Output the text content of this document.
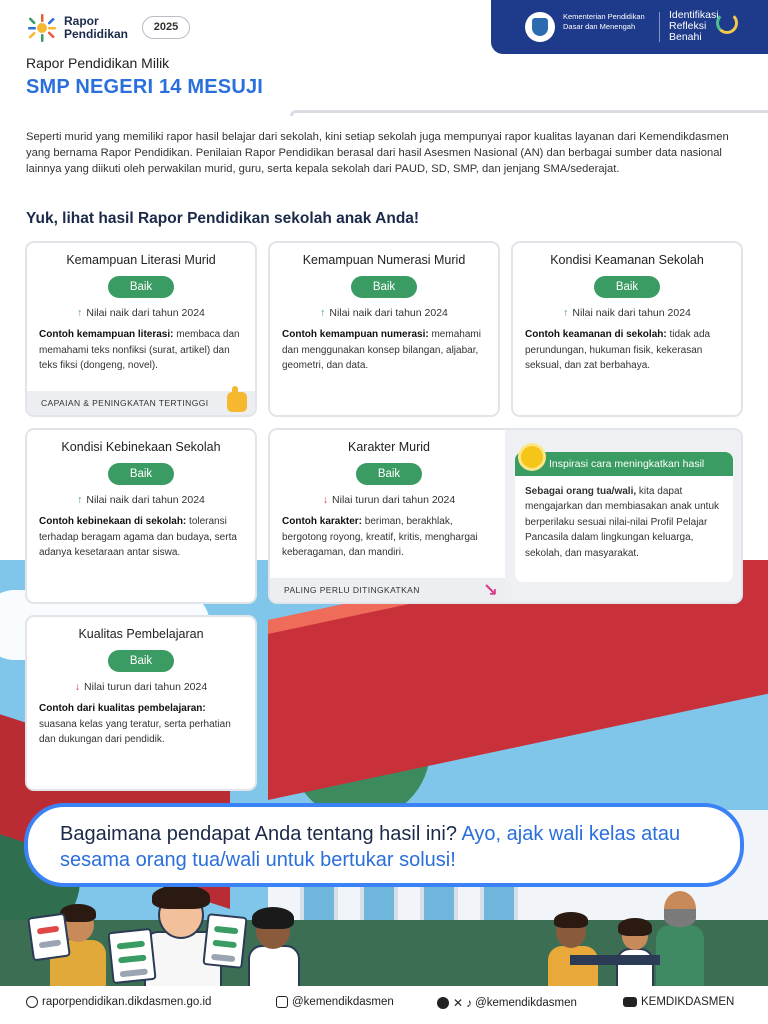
Rapor
Pendidikan	2025
Kementerian Pendidikan Dasar dan Menengah
Identifikasi
Refleksi
Benahi
Rapor Pendidikan Milik
SMP NEGERI 14 MESUJI

Seperti murid yang memiliki rapor hasil belajar dari sekolah, kini setiap sekolah juga mempunyai rapor kualitas layanan dari Kemendikdasmen yang bernama Rapor Pendidikan. Penilaian Rapor Pendidikan berasal dari hasil Asesmen Nasional (AN) dan berbagai sumber data nasional lainnya yang diikuti oleh perwakilan murid, guru, serta kepala sekolah dari PAUD, SD, SMP, dan jenjang SMA/sederajat.

Yuk, lihat hasil Rapor Pendidikan sekolah anak Anda!
Kemampuan Literasi Murid
Baik
↑ Nilai naik dari tahun 2024
Contoh kemampuan literasi: membaca dan memahami teks nonfiksi (surat, artikel) dan teks fiksi (dongeng, novel).
CAPAIAN & PENINGKATAN TERTINGGI
Kemampuan Numerasi Murid
Baik
↑ Nilai naik dari tahun 2024
Contoh kemampuan numerasi: memahami dan menggunakan konsep bilangan, aljabar, geometri, dan data.
Kondisi Keamanan Sekolah
Baik
↑ Nilai naik dari tahun 2024
Contoh keamanan di sekolah: tidak ada perundungan, hukuman fisik, kekerasan seksual, dan zat berbahaya.
Kondisi Kebinekaan Sekolah
Baik
↑ Nilai naik dari tahun 2024
Contoh kebinekaan di sekolah: toleransi terhadap beragam agama dan budaya, serta adanya kesetaraan antar siswa.
Karakter Murid
Baik
↓ Nilai turun dari tahun 2024
Contoh karakter: beriman, berakhlak, bergotong royong, kreatif, kritis, menghargai keberagaman, dan mandiri.
PALING PERLU DITINGKATKAN	↘
Inspirasi cara meningkatkan hasil
Sebagai orang tua/wali, kita dapat mengajarkan dan membiasakan anak untuk berperilaku sesuai nilai-nilai Profil Pelajar Pancasila dalam lingkungan keluarga, sekolah, dan masyarakat.
Kualitas Pembelajaran
Baik
↓ Nilai turun dari tahun 2024
Contoh dari kualitas pembelajaran: suasana kelas yang teratur, serta perhatian dan dukungan dari pendidik.
Bagaimana pendapat Anda tentang hasil ini? Ayo, ajak wali kelas atau sesama orang tua/wali untuk bertukar solusi!
raporpendidikan.dikdasmen.go.id	@kemendikdasmen	✕ ♪ @kemendikdasmen	KEMDIKDASMEN
